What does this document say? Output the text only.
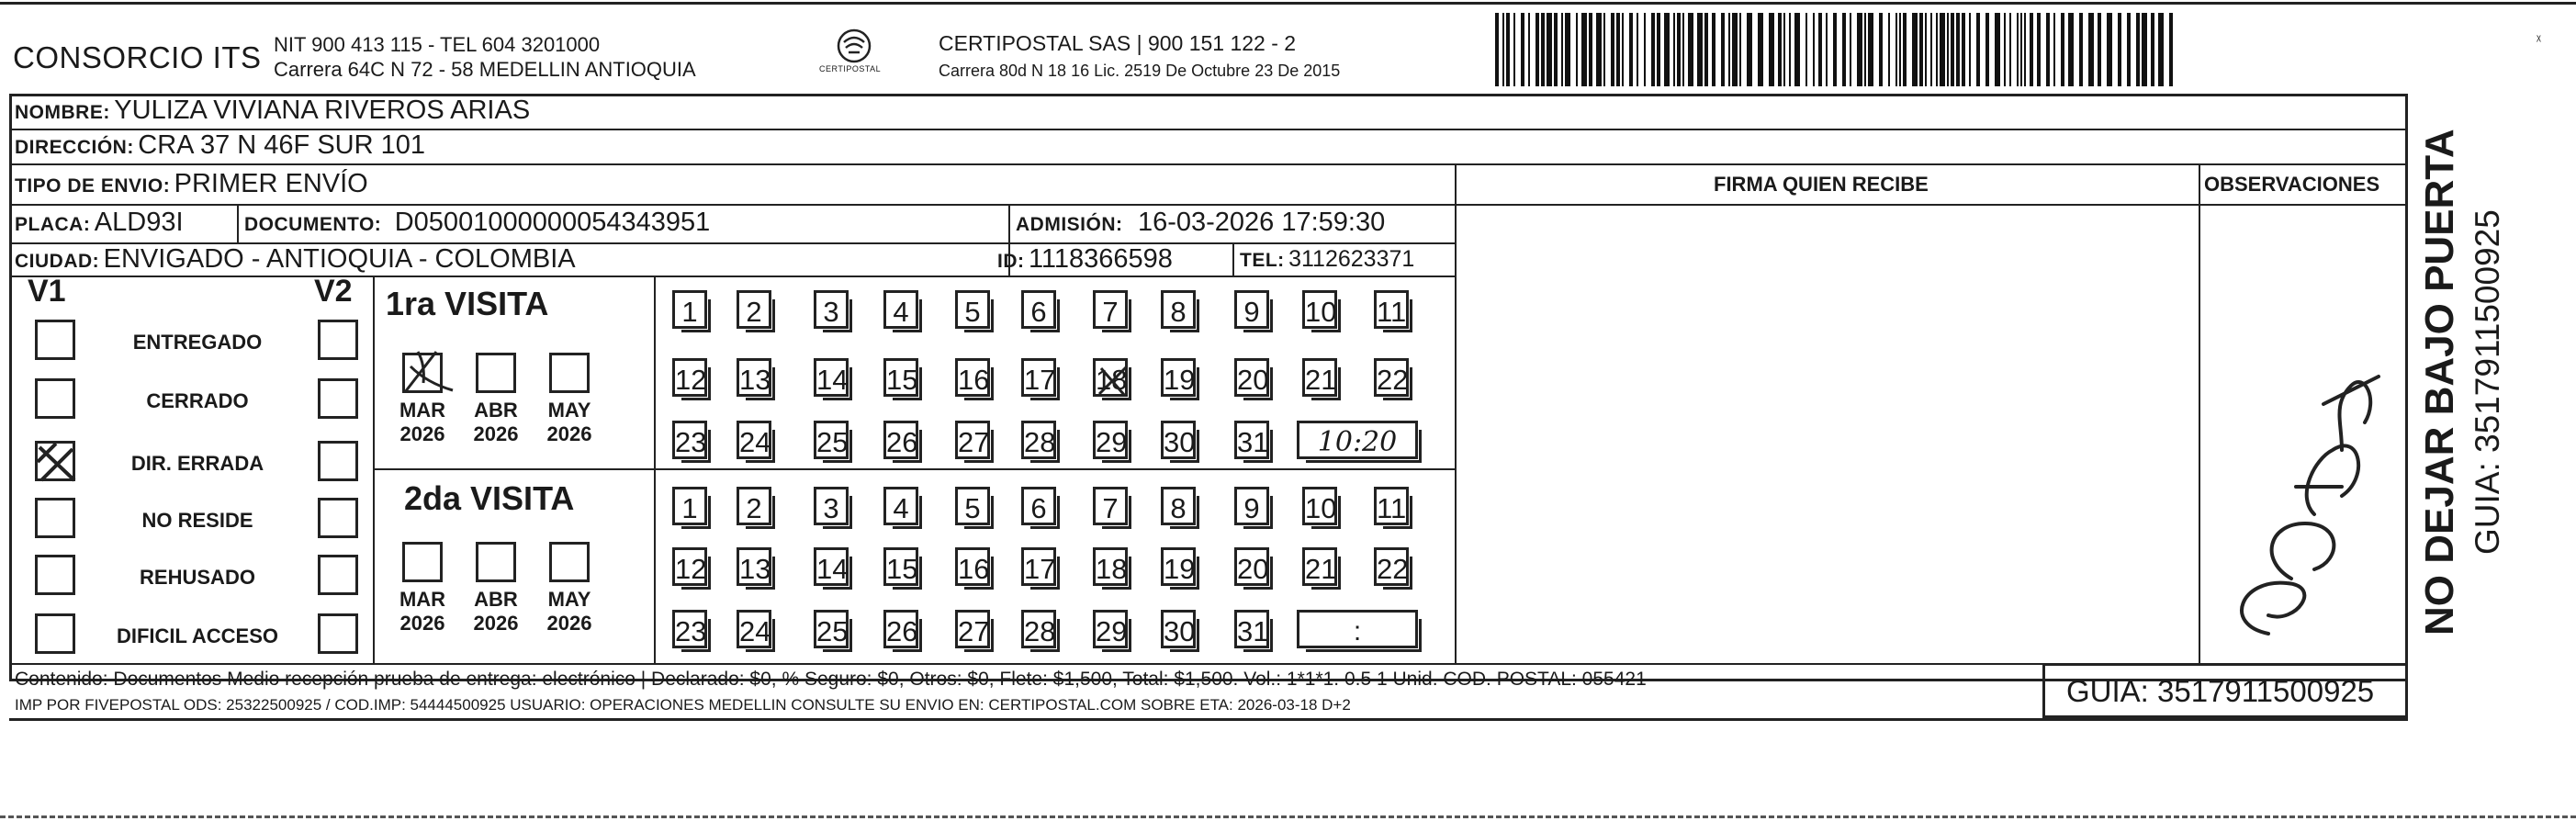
CONSORCIO ITS NIT 900 413 115 - TEL 604 3201000
Carrera 64C N 72 - 58 MEDELLIN ANTIOQUIA	CERTIPOSTAL
CERTIPOSTAL SAS | 900 151 122 - 2
Carrera 80d N 18 16 Lic. 2519 De Octubre 23 De 2015
ᵡ
NOMBRE: YULIZA VIVIANA RIVEROS ARIAS
DIRECCIÓN: CRA 37 N 46F SUR 101
TIPO DE ENVIO: PRIMER ENVÍO	FIRMA QUIEN RECIBE	OBSERVACIONES
PLACA: ALD93I	DOCUMENTO: D05001000000054343951	ADMISIÓN: 16-03-2026 17:59:30
CIUDAD: ENVIGADO - ANTIOQUIA - COLOMBIA	ID: 1118366598	TEL: 3112623371
V1	V2
ENTREGADO
CERRADO
DIR. ERRADA
NO RESIDE
REHUSADO
DIFICIL ACCESO
1ra VISITA
2da VISITA
MAR
2026
ABR
2026
MAY
2026
1	2	3	4	5	6	7	8	9	10 11
12 13 14 15 16 17 18 19 20 21 22
23 24 25 26 27 28 29 30 31	10:20
MAR
2026
ABR
2026
MAY
2026
1	2	3	4	5	6	7	8	9	10 11
12 13 14 15 16 17 18 19 20 21 22
23 24 25 26 27 28 29 30 31	:
Contenido: Documentos Medio recepción prueba de entrega: electrónico | Declarado: $0, % Seguro: $0, Otros: $0, Flete: $1,500, Total: $1,500. Vol.: 1*1*1. 0.5 1 Unid. COD. POSTAL: 055421
IMP POR FIVEPOSTAL ODS: 25322500925 / COD.IMP: 54444500925 USUARIO: OPERACIONES MEDELLIN CONSULTE SU ENVIO EN: CERTIPOSTAL.COM SOBRE ETA: 2026-03-18 D+2	GUIA: 3517911500925
NO DEJAR BAJO PUERTA GUIA: 3517911500925
